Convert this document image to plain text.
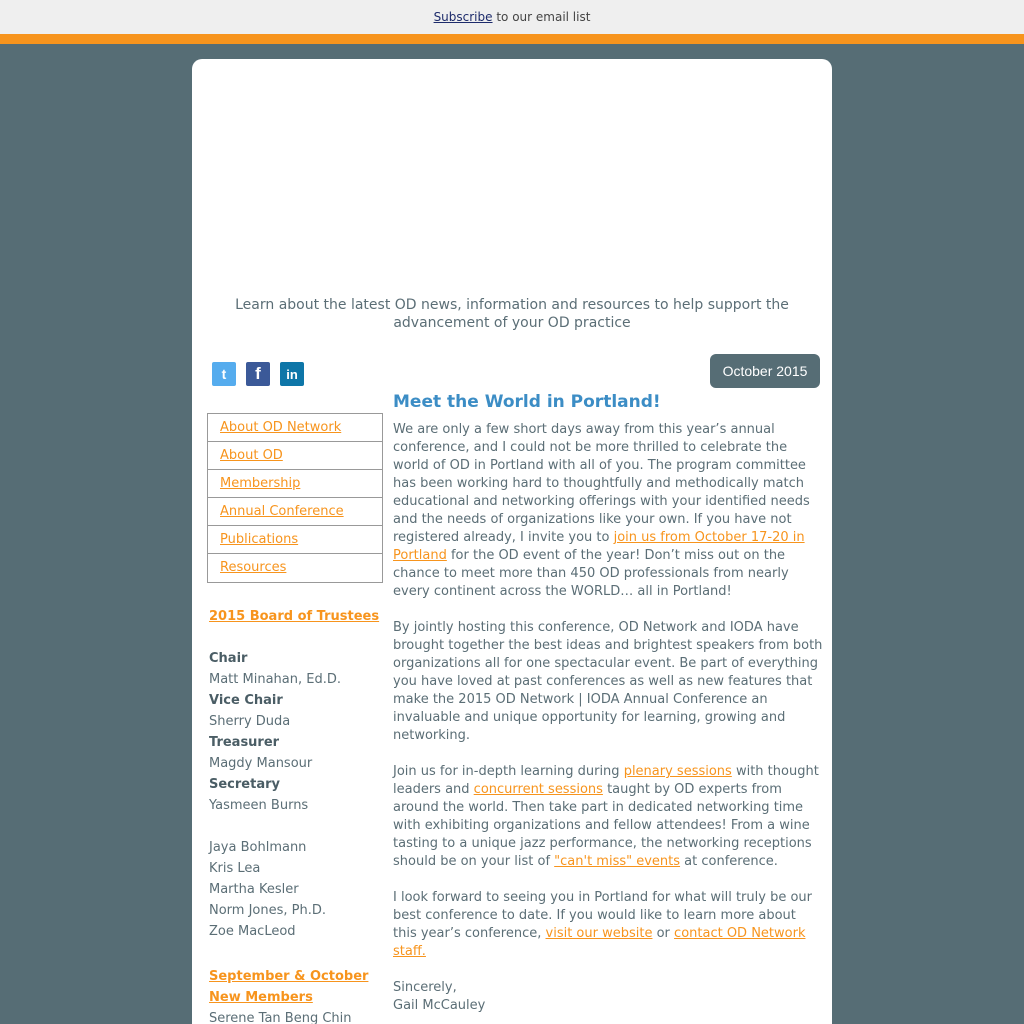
Subscribe to our email list
Learn about the latest OD news, information and resources to help support the advancement of your OD practice
t	f	in	October 2015
About OD Network
About OD
Membership
Annual Conference
Publications
Resources
2015 Board of Trustees

Chair
Matt Minahan, Ed.D.
Vice Chair
Sherry Duda
Treasurer
Magdy Mansour
Secretary
Yasmeen Burns

Jaya Bohlmann
Kris Lea
Martha Kesler
Norm Jones, Ph.D.
Zoe MacLeod

September & October
New Members
Serene Tan Beng Chin
Meet the World in Portland!

We are only a few short days away from this year’s annual conference, and I could not be more thrilled to celebrate the world of OD in Portland with all of you. The program committee has been working hard to thoughtfully and methodically match educational and networking offerings with your identified needs and the needs of organizations like your own. If you have not registered already, I invite you to join us from October 17-20 in Portland for the OD event of the year! Don’t miss out on the chance to meet more than 450 OD professionals from nearly every continent across the WORLD… all in Portland!

By jointly hosting this conference, OD Network and IODA have brought together the best ideas and brightest speakers from both organizations all for one spectacular event. Be part of everything you have loved at past conferences as well as new features that make the 2015 OD Network | IODA Annual Conference an invaluable and unique opportunity for learning, growing and networking.

Join us for in-depth learning during plenary sessions with thought leaders and concurrent sessions taught by OD experts from around the world. Then take part in dedicated networking time with exhibiting organizations and fellow attendees! From a wine tasting to a unique jazz performance, the networking receptions should be on your list of "can't miss" events at conference.

I look forward to seeing you in Portland for what will truly be our best conference to date. If you would like to learn more about this year’s conference, visit our website or contact OD Network staff.

Sincerely,

Gail McCauley
